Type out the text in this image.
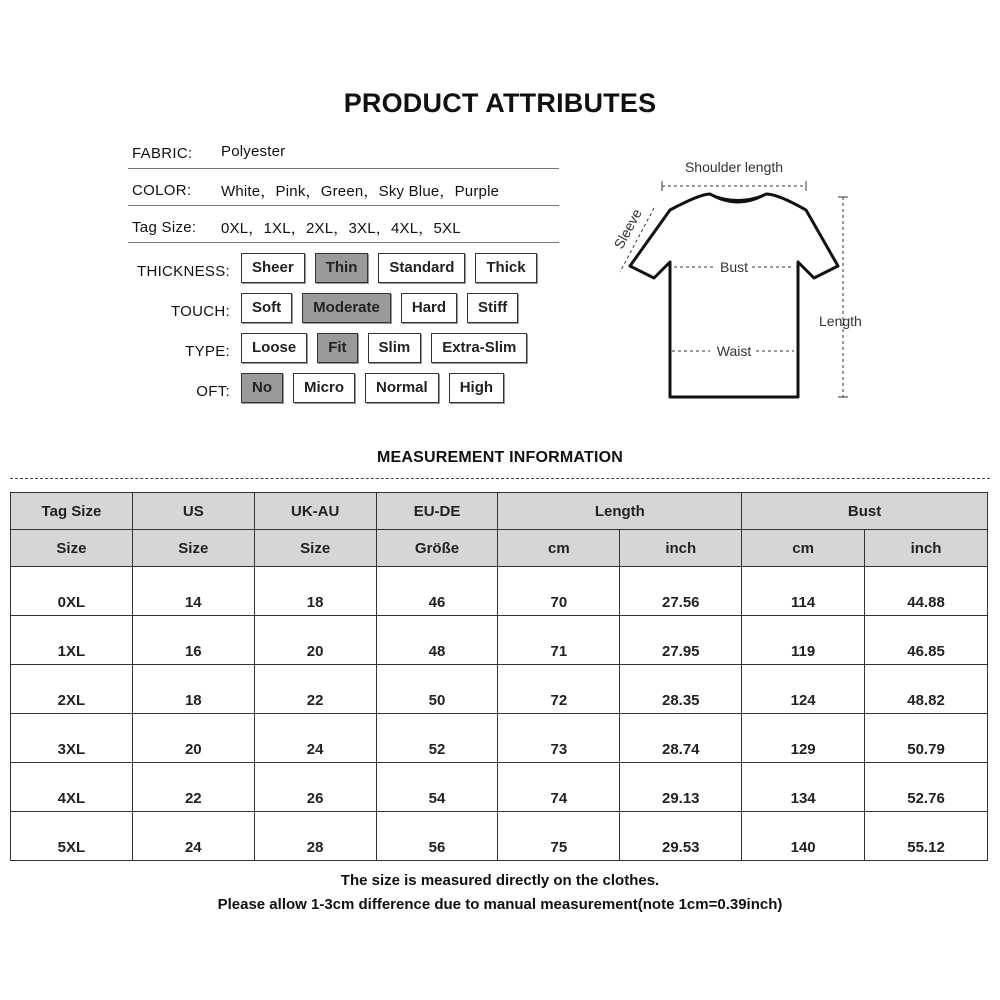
PRODUCT ATTRIBUTES
FABRIC: Polyester
COLOR: White，Pink，Green，Sky Blue，Purple
Tag Size: 0XL，1XL，2XL，3XL，4XL，5XL
THICKNESS:	Sheer	Thin	Standard	Thick
TOUCH:	Soft	Moderate	Hard	Stiff
TYPE:	Loose	Fit	Slim	Extra-Slim
OFT:	No	Micro	Normal	High
Shoulder length
Sleeve
Bust
Waist
Length
MEASUREMENT INFORMATION
Tag Size	US	UK-AU	EU-DE	Length		Bust	
Size	Size	Size	Größe	cm	inch	cm	inch
0XL	14	18	46	70	27.56	114	44.88
1XL	16	20	48	71	27.95	119	46.85
2XL	18	22	50	72	28.35	124	48.82
3XL	20	24	52	73	28.74	129	50.79
4XL	22	26	54	74	29.13	134	52.76
5XL	24	28	56	75	29.53	140	55.12
The size is measured directly on the clothes.
Please allow 1-3cm difference due to manual measurement(note 1cm=0.39inch)
